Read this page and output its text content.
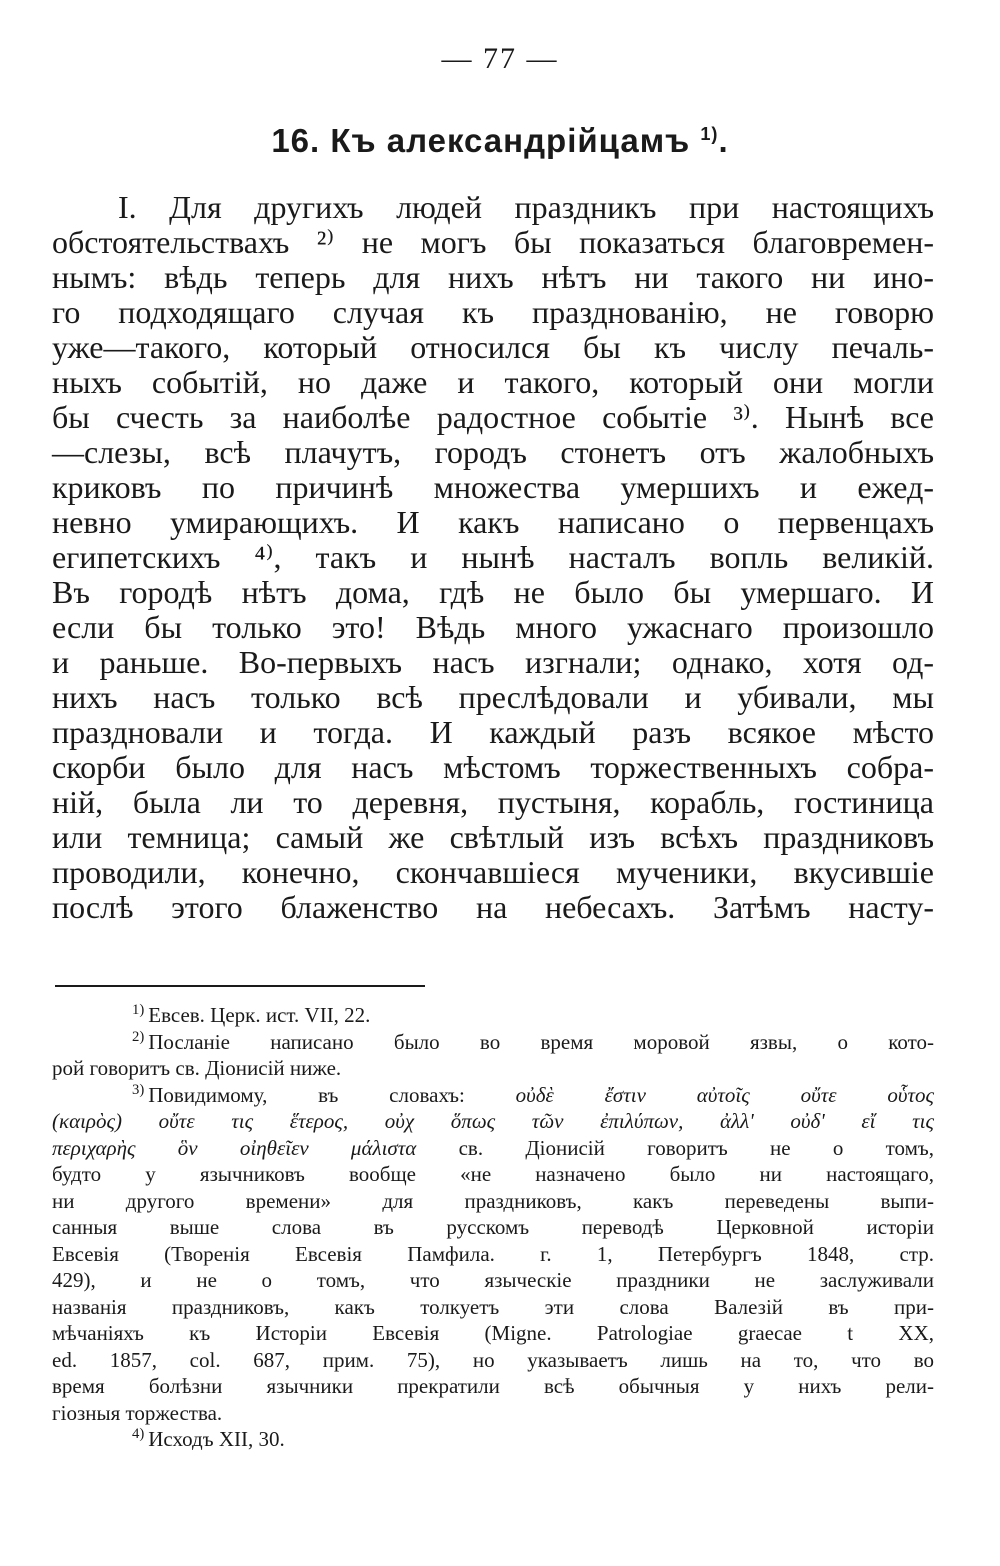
— 77 —
16. Къ александрійцамъ $^{1)}$.
I. Для другихъ людей праздникъ при настоящихъ
обстоятельствахъ ²⁾ не могъ бы показаться благовремен-
нымъ: вѣдь теперь для нихъ нѣтъ ни такого ни ино-
го подходящаго случая къ празднованію, не говорю
уже—такого, который относился бы къ числу печаль-
ныхъ событій, но даже и такого, который они могли
бы счесть за наиболѣе радостное событіе ³⁾. Нынѣ все
—слезы, всѣ плачутъ, городъ стонетъ отъ жалобныхъ
криковъ по причинѣ множества умершихъ и ежед-
невно умирающихъ. И какъ написано о первенцахъ
египетскихъ ⁴⁾, такъ и нынѣ насталъ вопль великій.
Въ городѣ нѣтъ дома, гдѣ не было бы умершаго. И
если бы только это! Вѣдь много ужаснаго произошло
и раньше. Во-первыхъ насъ изгнали; однако, хотя од-
нихъ насъ только всѣ преслѣдовали и убивали, мы
праздновали и тогда. И каждый разъ всякое мѣсто
скорби было для насъ мѣстомъ торжественныхъ собра-
ній, была ли то деревня, пустыня, корабль, гостиница
или темница; самый же свѣтлый изъ всѣхъ праздниковъ
проводили, конечно, скончавшіеся мученики, вкусившіе
послѣ этого блаженство на небесахъ. Затѣмъ насту-
$^{1)}$ Евсев. Церк. ист. VII, 22.
$^{2)}$ Посланіе написано было во время моровой язвы, о кото-
рой говоритъ св. Діонисій ниже.
$^{3)}$ Повидимому, въ словахъ: οὐδὲ ἔστιν αὐτοῖς οὔτε οὗτος
(καιρὸς) οὔτε τις ἕτερος, οὐχ ὅπως τῶν ἐπιλύπων, ἀλλ' οὐδ' εἴ τις
περιχαρὴς ὃν οἰηθεῖεν μάλιστα св. Діонисій говоритъ не о томъ,
будто у язычниковъ вообще «не назначено было ни настоящаго,
ни другого времени» для праздниковъ, какъ переведены выпи-
санныя выше слова въ русскомъ переводѣ Церковной исторіи
Евсевія (Творенія Евсевія Памфила. г. 1, Петербургъ 1848, стр.
429), и не о томъ, что языческіе праздники не заслуживали
названія праздниковъ, какъ толкуетъ эти слова Валезій въ при-
мѣчаніяхъ къ Исторіи Евсевія (Migne. Patrologiae graecae t XX,
ed. 1857, col. 687, прим. 75), но указываетъ лишь на то, что во
время болѣзни язычники прекратили всѣ обычныя у нихъ рели-
гіозныя торжества.
$^{4)}$ Исходъ XII, 30.
